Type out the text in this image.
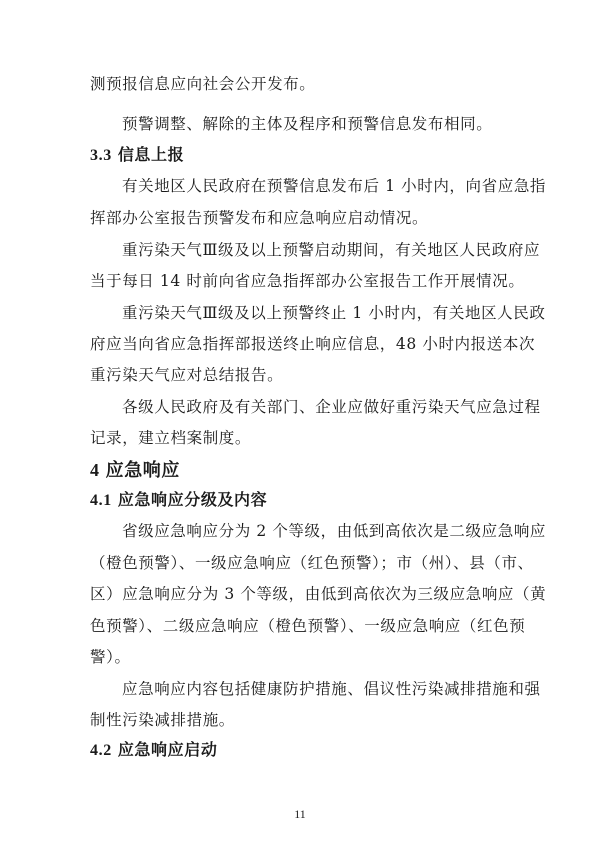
测预报信息应向社会公开发布。
预警调整、解除的主体及程序和预警信息发布相同。
3.3 信息上报
有关地区人民政府在预警信息发布后 1 小时内，向省应急指
挥部办公室报告预警发布和应急响应启动情况。
重污染天气Ⅲ级及以上预警启动期间，有关地区人民政府应
当于每日 14 时前向省应急指挥部办公室报告工作开展情况。
重污染天气Ⅲ级及以上预警终止 1 小时内，有关地区人民政
府应当向省应急指挥部报送终止响应信息，48 小时内报送本次
重污染天气应对总结报告。
各级人民政府及有关部门、企业应做好重污染天气应急过程
记录，建立档案制度。
4 应急响应
4.1 应急响应分级及内容
省级应急响应分为 2 个等级，由低到高依次是二级应急响应
（橙色预警）、一级应急响应（红色预警）；市（州）、县（市、
区）应急响应分为 3 个等级，由低到高依次为三级应急响应（黄
色预警）、二级应急响应（橙色预警）、一级应急响应（红色预
警）。
应急响应内容包括健康防护措施、倡议性污染减排措施和强
制性污染减排措施。
4.2 应急响应启动
11
